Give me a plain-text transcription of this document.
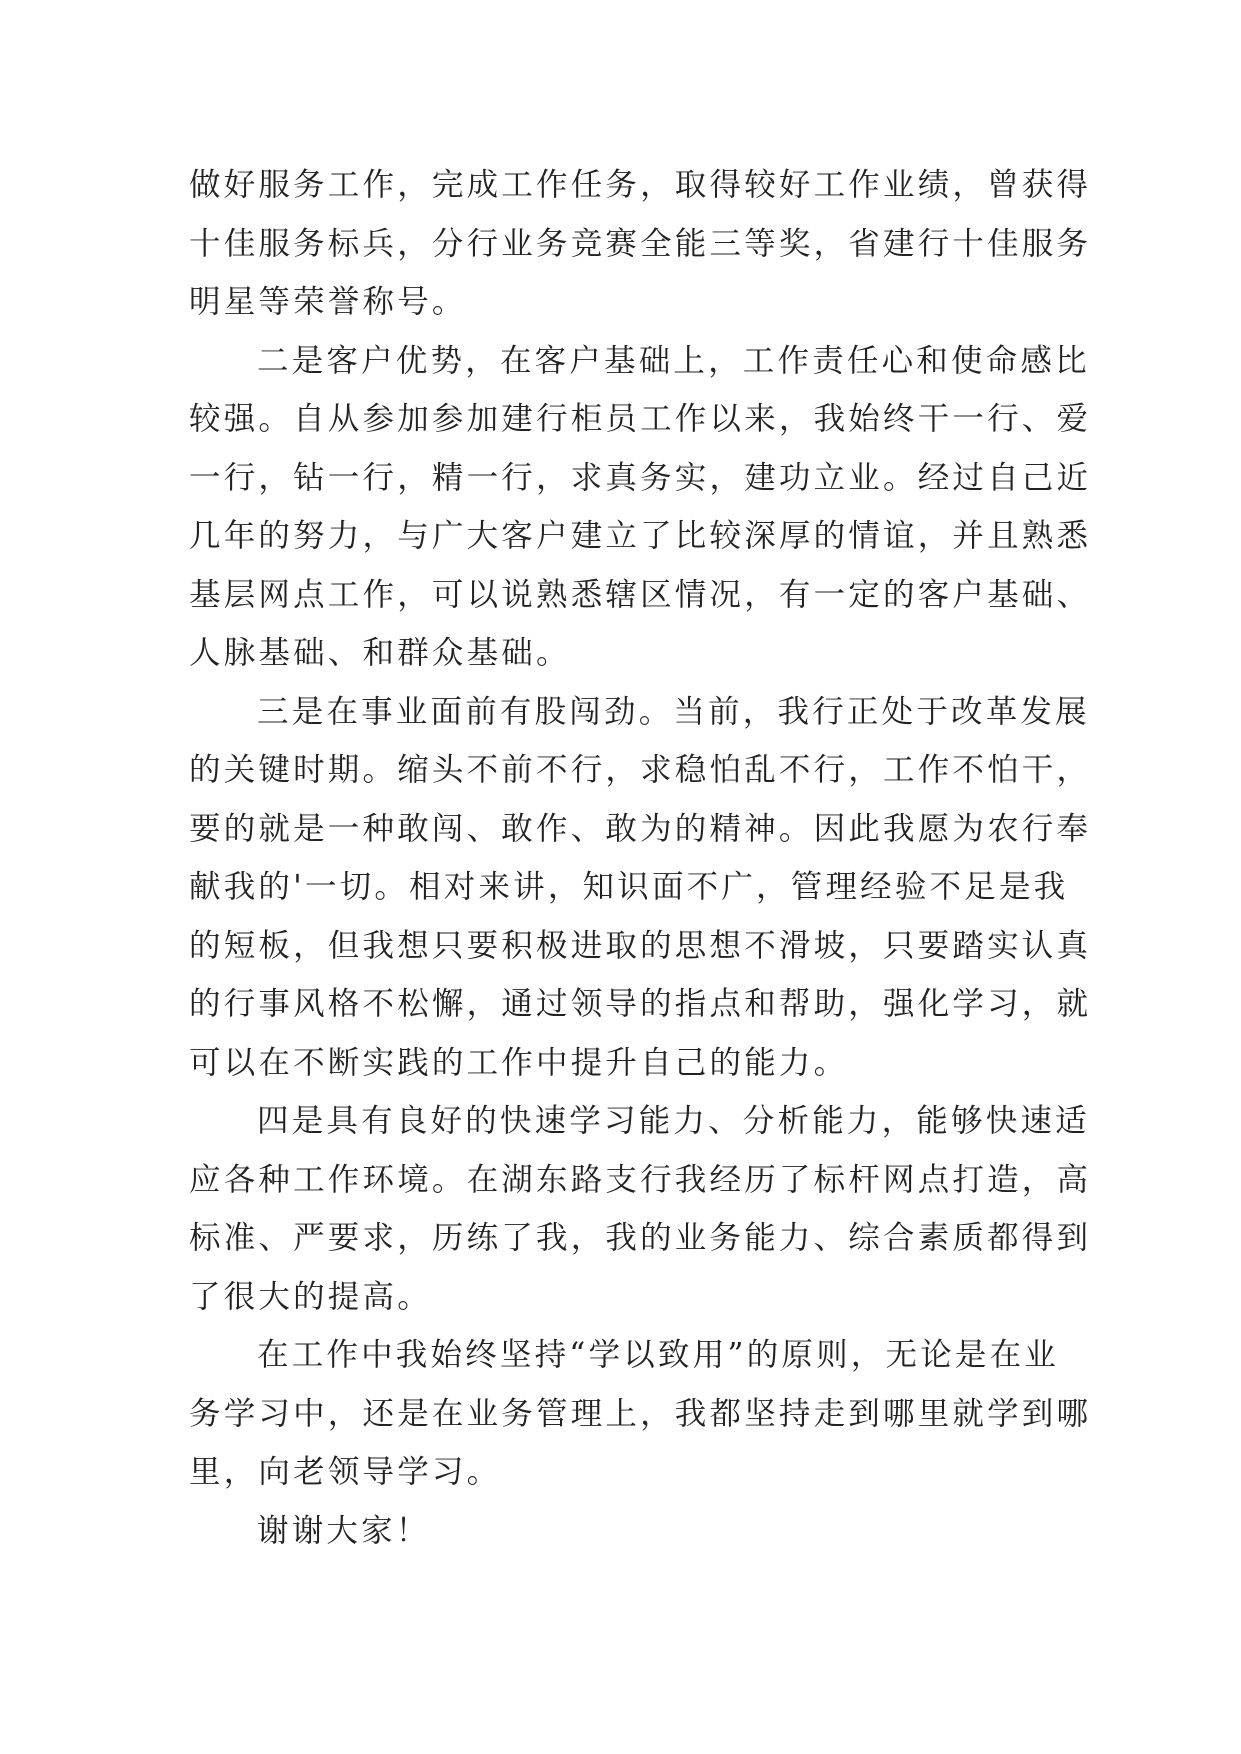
做好服务工作，完成工作任务，取得较好工作业绩，曾获得
十佳服务标兵，分行业务竞赛全能三等奖，省建行十佳服务
明星等荣誉称号。
二是客户优势，在客户基础上，工作责任心和使命感比
较强。自从参加参加建行柜员工作以来，我始终干一行、爱
一行，钻一行，精一行，求真务实，建功立业。经过自己近
几年的努力，与广大客户建立了比较深厚的情谊，并且熟悉
基层网点工作，可以说熟悉辖区情况，有一定的客户基础、
人脉基础、和群众基础。
三是在事业面前有股闯劲。当前，我行正处于改革发展
的关键时期。缩头不前不行，求稳怕乱不行，工作不怕干，
要的就是一种敢闯、敢作、敢为的精神。因此我愿为农行奉
献我的'一切。相对来讲，知识面不广，管理经验不足是我
的短板，但我想只要积极进取的思想不滑坡，只要踏实认真
的行事风格不松懈，通过领导的指点和帮助，强化学习，就
可以在不断实践的工作中提升自己的能力。
四是具有良好的快速学习能力、分析能力，能够快速适
应各种工作环境。在湖东路支行我经历了标杆网点打造，高
标准、严要求，历练了我，我的业务能力、综合素质都得到
了很大的提高。
在工作中我始终坚持“学以致用”的原则，无论是在业
务学习中，还是在业务管理上，我都坚持走到哪里就学到哪
里，向老领导学习。
谢谢大家！
